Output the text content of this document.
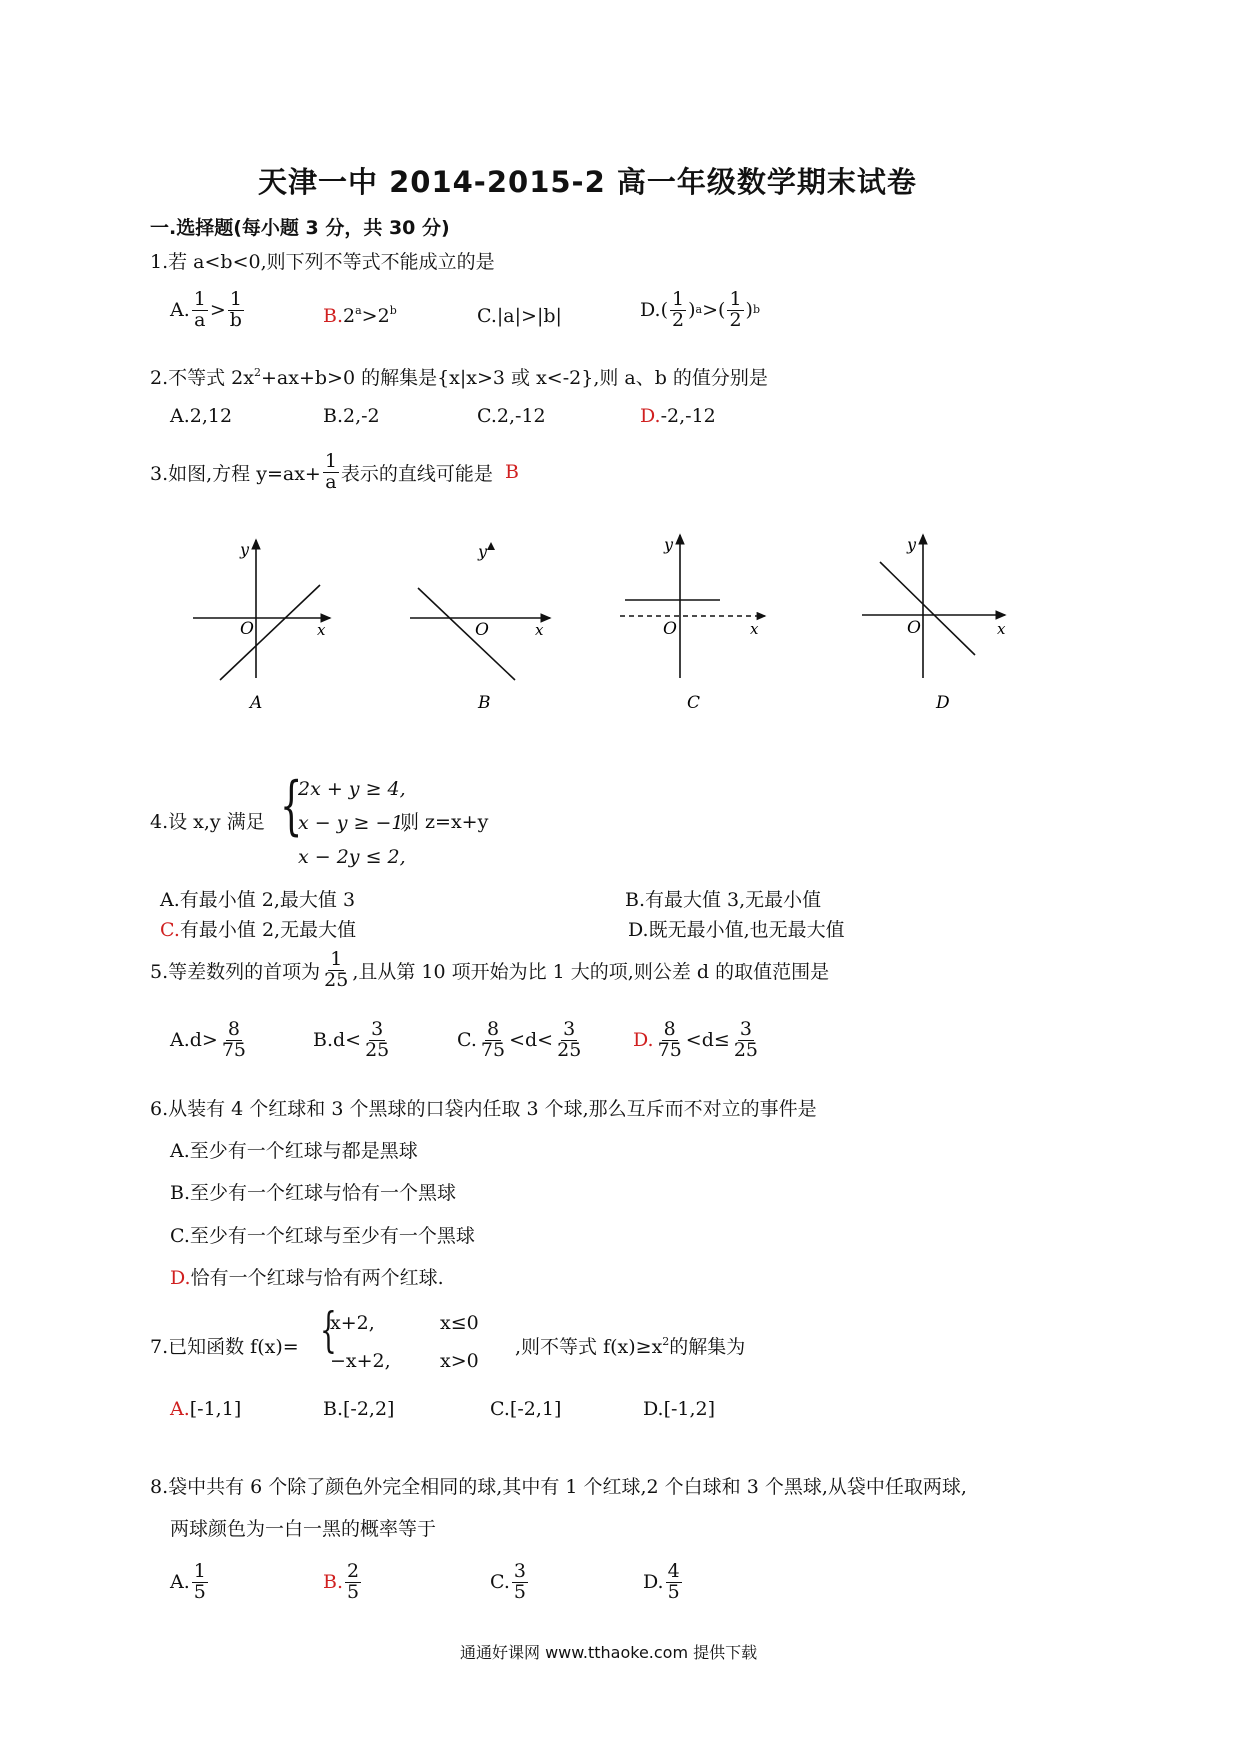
天津一中 2014-2015-2 高一年级数学期末试卷
一.选择题(每小题 3 分，共 30 分)
1.若 a<b<0,则下列不等式不能成立的是
A. $\frac{1}{a} > \frac{1}{b}$	$B.2^a>2^b$	C.|a|>|b|	D. ( $\frac{1}{2}$ ) a >( $\frac{1}{2}$ ) b
2.不等式 $2x^2+ax+b>0$ 的解集是{x|x>3 或 x<-2},则 a、b 的值分别是
A.2,12	B.2,-2	C.2,-12	D.-2,-12
3.如图,方程 $y=ax+ \frac{1}{a}$ 表示的直线可能是 B
O	x
y
O	x
y
O	x
y
O	x
y
A	B	C	D
4.设 x,y 满足 {
2x + y ≥ 4,
x − y ≥ −1,
x − 2y ≤ 2,
则 z=x+y
A.有最小值 2,最大值 3	B.有最大值 3,无最小值
C.有最小值 2,无最大值	D.既无最小值,也无最大值
5.等差数列的首项为 $\frac{1}{25}$ ,且从第 10 项开始为比 1 大的项,则公差 d 的取值范围是
$A.d> \frac{8}{75}$	$B.d< \frac{3}{25}$	C. $\frac{8}{75} <d< \frac{3}{25}$	D. $\frac{8}{75} <d\le \frac{3}{25}$
6.从装有 4 个红球和 3 个黑球的口袋内任取 3 个球,那么互斥而不对立的事件是
A.至少有一个红球与都是黑球
B.至少有一个红球与恰有一个黑球
C.至少有一个红球与至少有一个黑球
D.恰有一个红球与恰有两个红球.
7.已知函数 f(x)= {
x+2,	x≤0
−x+2,	x>0
,则不等式 $f(x)\ge x^2$的解集为
A.[-1,1]	B.[-2,2]	C.[-2,1]	D.[-1,2]
8.袋中共有 6 个除了颜色外完全相同的球,其中有 1 个红球,2 个白球和 3 个黑球,从袋中任取两球,
两球颜色为一白一黑的概率等于
A. $\frac{1}{5}$	B. $\frac{2}{5}$	C. $\frac{3}{5}$	D. $\frac{4}{5}$
通通好课网 www.tthaoke.com 提供下载
